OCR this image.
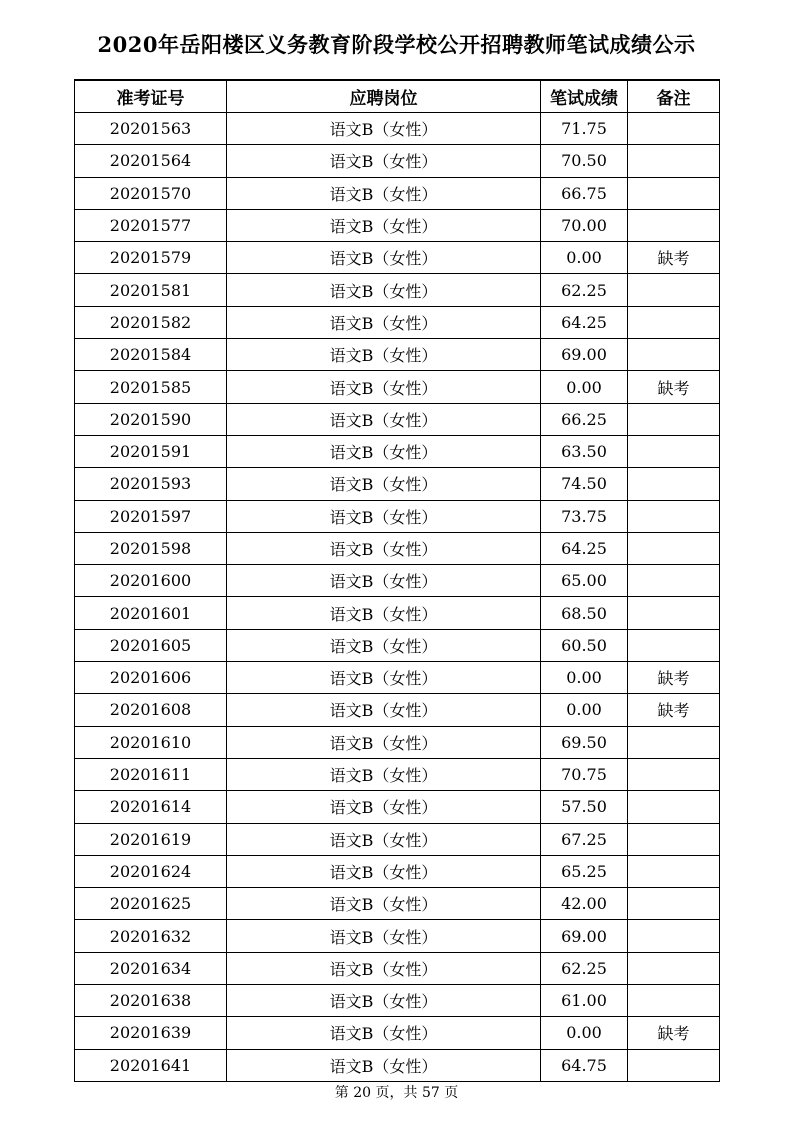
2020年岳阳楼区义务教育阶段学校公开招聘教师笔试成绩公示
准考证号	应聘岗位	笔试成绩	备注
20201563	语文B（女性）	71.75	
20201564	语文B（女性）	70.50	
20201570	语文B（女性）	66.75	
20201577	语文B（女性）	70.00	
20201579	语文B（女性）	0.00	缺考
20201581	语文B（女性）	62.25	
20201582	语文B（女性）	64.25	
20201584	语文B（女性）	69.00	
20201585	语文B（女性）	0.00	缺考
20201590	语文B（女性）	66.25	
20201591	语文B（女性）	63.50	
20201593	语文B（女性）	74.50	
20201597	语文B（女性）	73.75	
20201598	语文B（女性）	64.25	
20201600	语文B（女性）	65.00	
20201601	语文B（女性）	68.50	
20201605	语文B（女性）	60.50	
20201606	语文B（女性）	0.00	缺考
20201608	语文B（女性）	0.00	缺考
20201610	语文B（女性）	69.50	
20201611	语文B（女性）	70.75	
20201614	语文B（女性）	57.50	
20201619	语文B（女性）	67.25	
20201624	语文B（女性）	65.25	
20201625	语文B（女性）	42.00	
20201632	语文B（女性）	69.00	
20201634	语文B（女性）	62.25	
20201638	语文B（女性）	61.00	
20201639	语文B（女性）	0.00	缺考
20201641	语文B（女性）	64.75	
第 20 页，共 57 页
